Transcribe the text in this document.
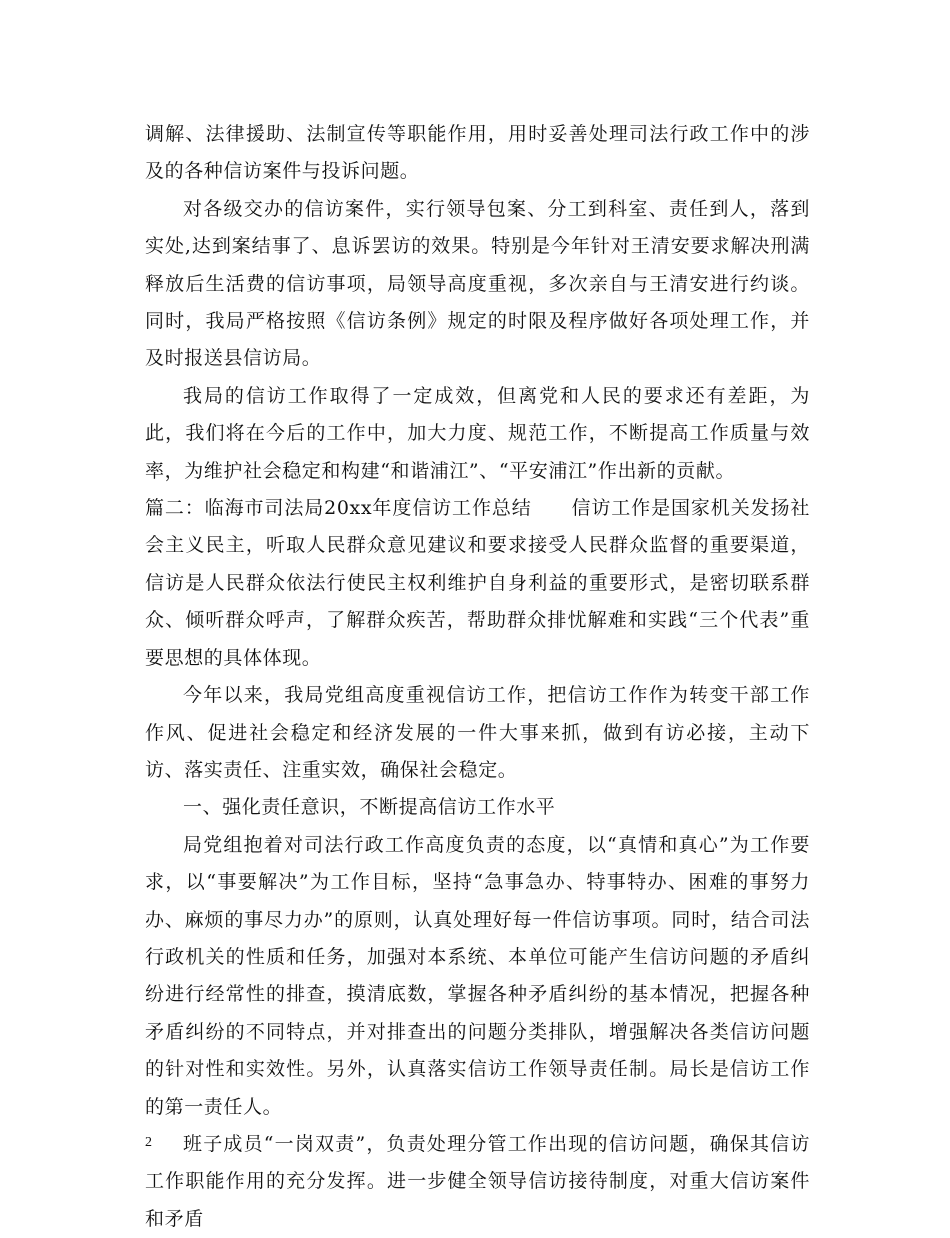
调解、法律援助、法制宣传等职能作用，用时妥善处理司法行政工作中的涉及的各种信访案件与投诉问题。

对各级交办的信访案件，实行领导包案、分工到科室、责任到人，落到实处,达到案结事了、息诉罢访的效果。特别是今年针对王清安要求解决刑满释放后生活费的信访事项，局领导高度重视，多次亲自与王清安进行约谈。同时，我局严格按照《信访条例》规定的时限及程序做好各项处理工作，并及时报送县信访局。

我局的信访工作取得了一定成效，但离党和人民的要求还有差距，为此，我们将在今后的工作中，加大力度、规范工作，不断提高工作质量与效率，为维护社会稳定和构建“和谐浦江”、“平安浦江”作出新的贡献。

篇二：临海市司法局20xx年度信访工作总结　　信访工作是国家机关发扬社会主义民主，听取人民群众意见建议和要求接受人民群众监督的重要渠道，信访是人民群众依法行使民主权利维护自身利益的重要形式，是密切联系群众、倾听群众呼声，了解群众疾苦，帮助群众排忧解难和实践“三个代表”重要思想的具体体现。

今年以来，我局党组高度重视信访工作，把信访工作作为转变干部工作作风、促进社会稳定和经济发展的一件大事来抓，做到有访必接，主动下访、落实责任、注重实效，确保社会稳定。

一、强化责任意识，不断提高信访工作水平

局党组抱着对司法行政工作高度负责的态度，以“真情和真心”为工作要求，以“事要解决”为工作目标，坚持“急事急办、特事特办、困难的事努力办、麻烦的事尽力办”的原则，认真处理好每一件信访事项。同时，结合司法行政机关的性质和任务，加强对本系统、本单位可能产生信访问题的矛盾纠纷进行经常性的排查，摸清底数，掌握各种矛盾纠纷的基本情况，把握各种矛盾纠纷的不同特点，并对排查出的问题分类排队，增强解决各类信访问题的针对性和实效性。另外，认真落实信访工作领导责任制。局长是信访工作的第一责任人。

班子成员“一岗双责”，负责处理分管工作出现的信访问题，确保其信访工作职能作用的充分发挥。进一步健全领导信访接待制度，对重大信访案件和矛盾

2
